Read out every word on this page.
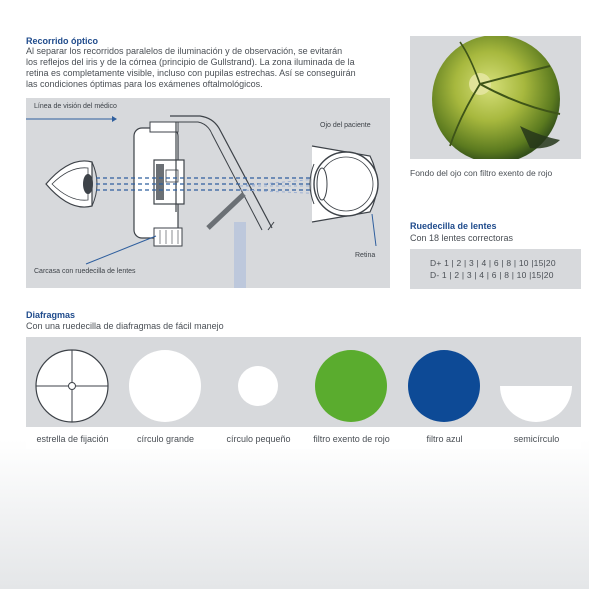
Recorrido óptico
Al separar los recorridos paralelos de iluminación y de observación, se evitarán
los reflejos del iris y de la córnea (principio de Gullstrand). La zona iluminada de la
retina es completamente visible, incluso con pupilas estrechas. Así se conseguirán
las condiciones óptimas para los exámenes oftalmológicos.
Línea de visión del médico
Ojo del paciente
Retina
Carcasa con ruedecilla de lentes
Fondo del ojo con filtro exento de rojo
Ruedecilla de lentes
Con 18 lentes correctoras
D+ 1 | 2 | 3 | 4 | 6 | 8 | 10 |15|20
D- 1 | 2 | 3 | 4 | 6 | 8 | 10 |15|20
Diafragmas
Con una ruedecilla de diafragmas de fácil manejo
estrella de fijación	círculo grande	círculo pequeño	filtro exento de rojo	filtro azul	semicírculo
